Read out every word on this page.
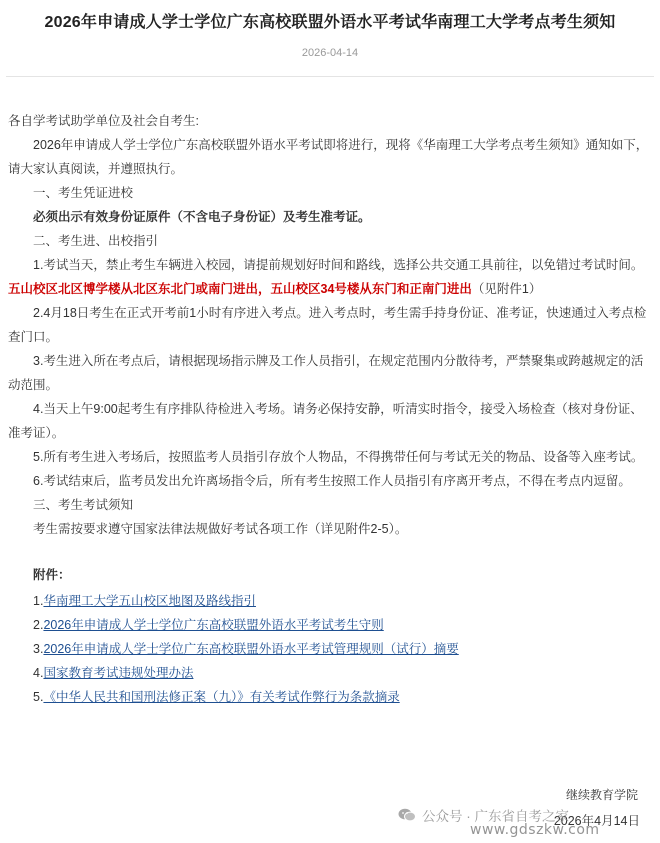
2026年申请成人学士学位广东高校联盟外语水平考试华南理工大学考点考生须知
2026-04-14

各自学考试助学单位及社会自考生:

2026年申请成人学士学位广东高校联盟外语水平考试即将进行，现将《华南理工大学考点考生须知》通知如下，请大家认真阅读，并遵照执行。

一、考生凭证进校

必须出示有效身份证原件（不含电子身份证）及考生准考证。

二、考生进、出校指引

1.考试当天，禁止考生车辆进入校园，请提前规划好时间和路线，选择公共交通工具前往，以免错过考试时间。五山校区北区博学楼从北区东北门或南门进出，五山校区34号楼从东门和正南门进出（见附件1）

2.4月18日考生在正式开考前1小时有序进入考点。进入考点时，考生需手持身份证、准考证，快速通过入考点检查门口。

3.考生进入所在考点后，请根据现场指示牌及工作人员指引，在规定范围内分散待考，严禁聚集或跨越规定的活动范围。

4.当天上午9:00起考生有序排队待检进入考场。请务必保持安静，听清实时指令，接受入场检查（核对身份证、准考证）。

5.所有考生进入考场后，按照监考人员指引存放个人物品，不得携带任何与考试无关的物品、设备等入座考试。

6.考试结束后，监考员发出允许离场指令后，所有考生按照工作人员指引有序离开考点，不得在考点内逗留。

三、考生考试须知

考生需按要求遵守国家法律法规做好考试各项工作（详见附件2-5）。

附件：

1.华南理工大学五山校区地图及路线指引

2.2026年申请成人学士学位广东高校联盟外语水平考试考生守则

3.2026年申请成人学士学位广东高校联盟外语水平考试管理规则（试行）摘要

4.国家教育考试违规处理办法

5.《中华人民共和国刑法修正案（九）》有关考试作弊行为条款摘录

继续教育学院
2026年4月14日
公众号 · 广东省自考之家
www.gdszkw.com
